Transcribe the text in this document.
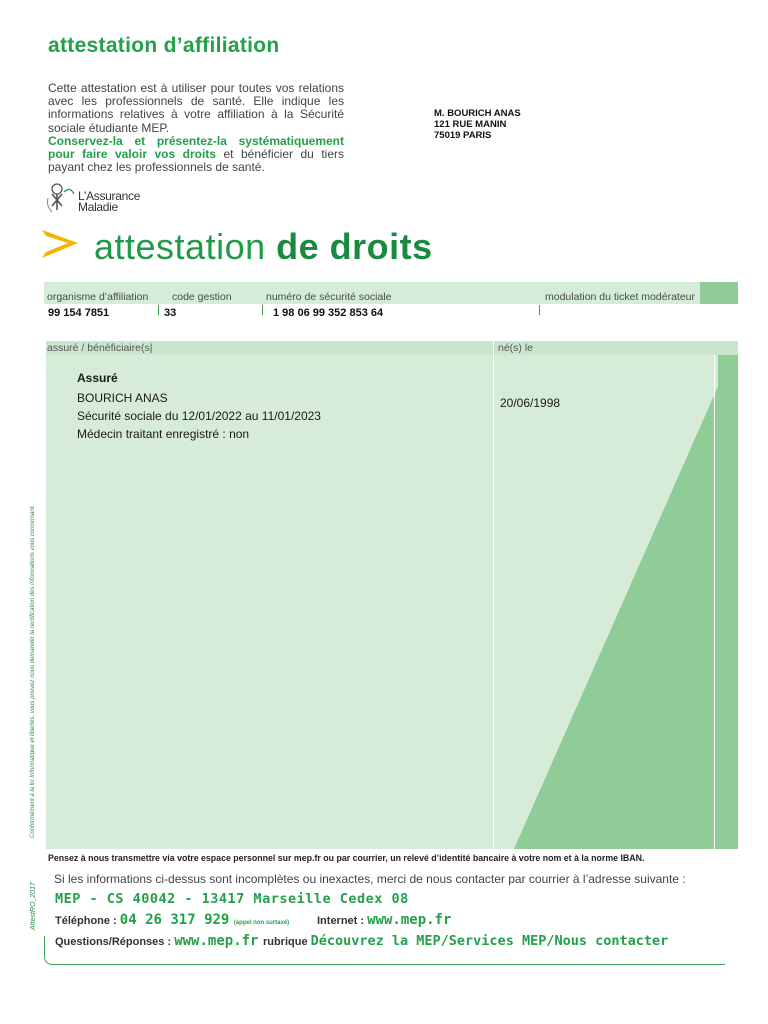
attestation d’affiliation
Cette attestation est à utiliser pour toutes vos relations avec les professionnels de santé. Elle indique les informations relatives à votre affiliation à la Sécurité sociale étudiante MEP.
Conservez-la et présentez-la systématiquement pour faire valoir vos droits et bénéficier du tiers payant chez les professionnels de santé.
M. BOURICH ANAS
121 RUE MANIN
75019 PARIS
L’Assurance
Maladie
attestation de droits
organisme d’affiliation code gestion	numéro de sécurité sociale	modulation du ticket modérateur
99 154 7851	33	1 98 06 99 352 853 64
assuré / bénéficiaire(s|	né(s) le
Assuré
BOURICH ANAS
Sécurité sociale du 12/01/2022 au 11/01/2023
Médecin traitant enregistré : non
20/06/1998
Conformément à la loi Informatique et libertés, vous pouvez nous demander la rectification des informations vous concernant.
AttestRO_2017
Pensez à nous transmettre via votre espace personnel sur mep.fr ou par courrier, un relevé d’identité bancaire à votre nom et à la norme IBAN.
Si les informations ci-dessus sont incomplètes ou inexactes, merci de nous contacter par courrier à l’adresse suivante :
MEP - CS 40042 - 13417 Marseille Cedex 08
Téléphone : 04 26 317 929 (appel non surtaxé)	Internet : www.mep.fr
Questions/Réponses : www.mep.fr rubrique Découvrez la MEP/Services MEP/Nous contacter
